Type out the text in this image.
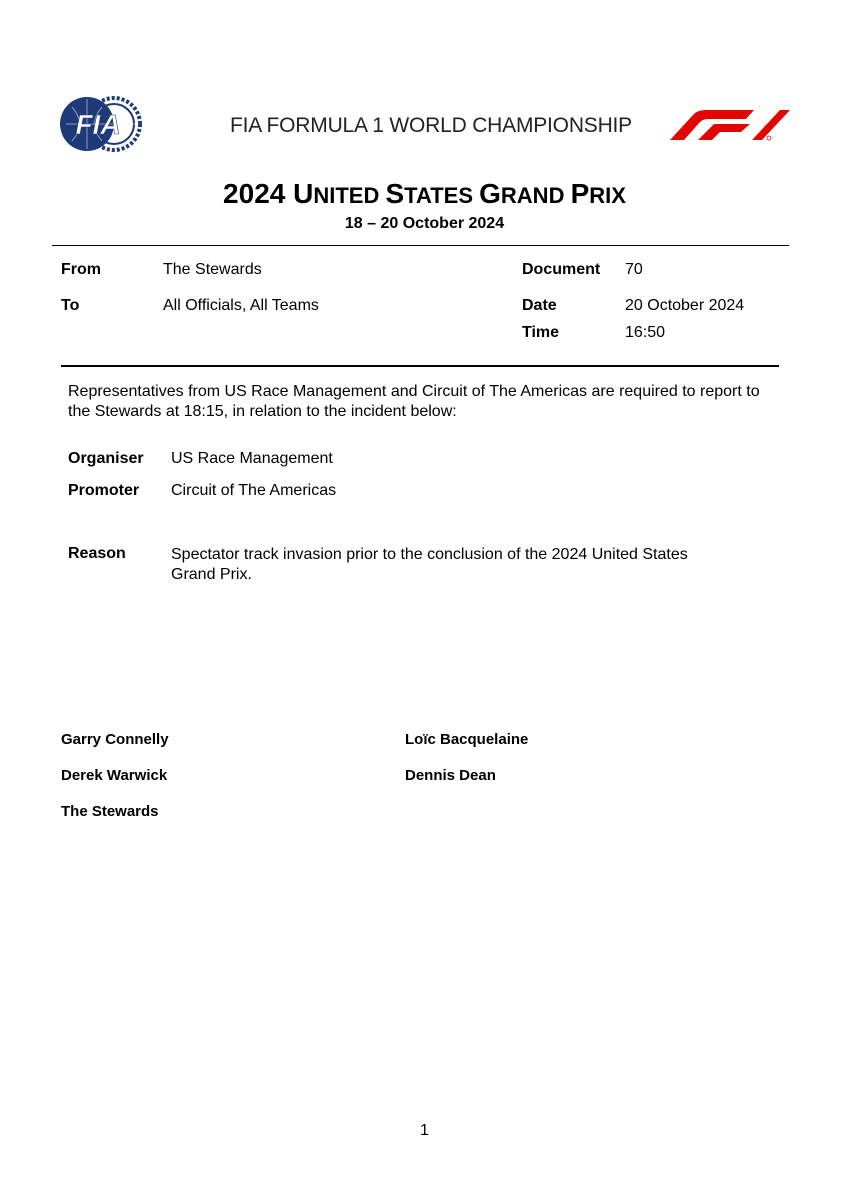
FIA	FIA FORMULA 1 WORLD CHAMPIONSHIP
2024 UNITED STATES GRAND PRIX
18 – 20 October 2024
From	The Stewards	Document 70
To	All Officials, All Teams	Date	20 October 2024
Time	16:50
Representatives from US Race Management and Circuit of The Americas are required to report to the Stewards at 18:15, in relation to the incident below:
Organiser US Race Management
Promoter Circuit of The Americas
Reason	Spectator track invasion prior to the conclusion of the 2024 United States Grand Prix.
Garry Connelly	Loïc Bacquelaine
Derek Warwick	Dennis Dean
The Stewards
1
